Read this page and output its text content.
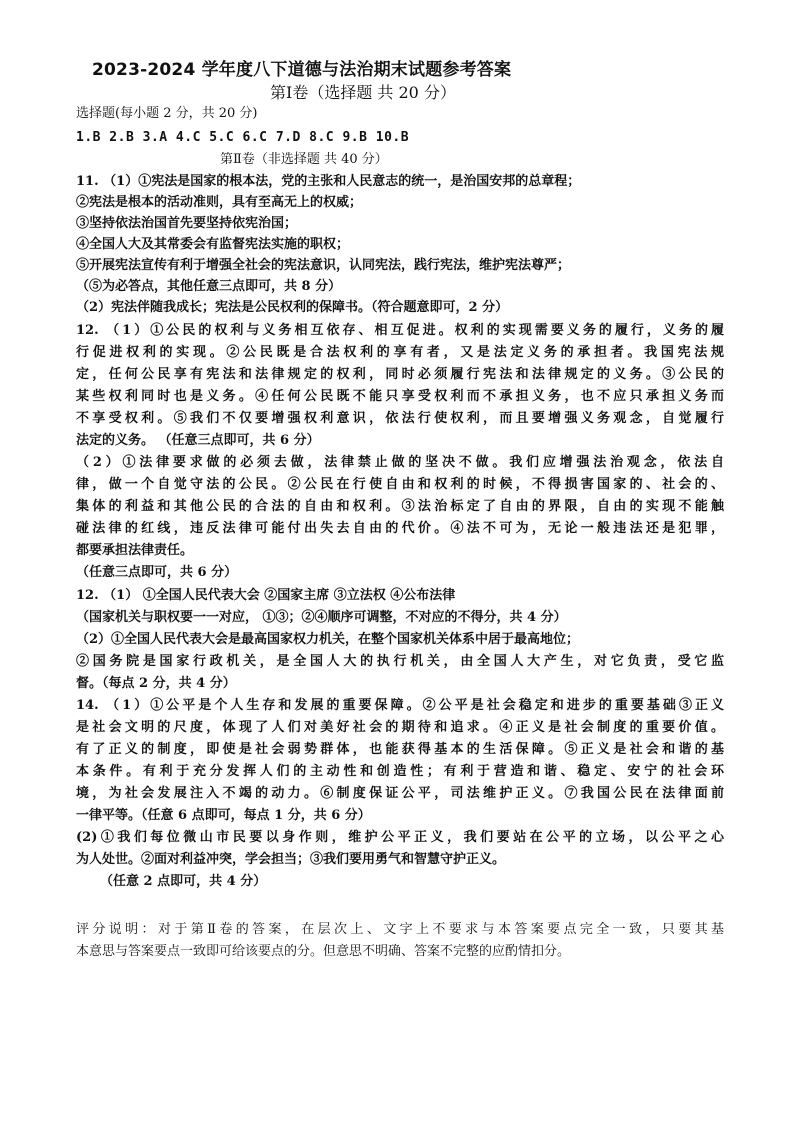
2023-2024 学年度八下道德与法治期末试题参考答案
第Ⅰ卷（选择题 共 20 分）
选择题(每小题 2 分，共 20 分)
1.B 2.B 3.A 4.C 5.C 6.C 7.D 8.C 9.B 10.B
第Ⅱ卷（非选择题 共 40 分）
11. （1）①宪法是国家的根本法，党的主张和人民意志的统一，是治国安邦的总章程；
②宪法是根本的活动准则，具有至高无上的权威；
③坚持依法治国首先要坚持依宪治国；
④全国人大及其常委会有监督宪法实施的职权；
⑤开展宪法宣传有利于增强全社会的宪法意识，认同宪法，践行宪法，维护宪法尊严；
（⑤为必答点，其他任意三点即可，共 8 分）
（2）宪法伴随我成长；宪法是公民权利的保障书。（符合题意即可，2 分）
12. （1）①公民的权利与义务相互依存、相互促进。权利的实现需要义务的履行，义务的履
行促进权利的实现。②公民既是合法权利的享有者，又是法定义务的承担者。我国宪法规
定，任何公民享有宪法和法律规定的权利，同时必须履行宪法和法律规定的义务。③公民的
某些权利同时也是义务。④任何公民既不能只享受权利而不承担义务，也不应只承担义务而
不享受权利。⑤我们不仅要增强权利意识，依法行使权利，而且要增强义务观念，自觉履行
法定的义务。 （任意三点即可，共 6 分）
（2）①法律要求做的必须去做，法律禁止做的坚决不做。我们应增强法治观念，依法自
律，做一个自觉守法的公民。②公民在行使自由和权利的时候，不得损害国家的、社会的、
集体的利益和其他公民的合法的自由和权利。③法治标定了自由的界限，自由的实现不能触
碰法律的红线，违反法律可能付出失去自由的代价。④法不可为，无论一般违法还是犯罪，
都要承担法律责任。
（任意三点即可，共 6 分）
12. （1） ①全国人民代表大会 ②国家主席 ③立法权 ④公布法律
（国家机关与职权要一一对应， ①③；②④顺序可调整，不对应的不得分，共 4 分）
（2）①全国人民代表大会是最高国家权力机关，在整个国家机关体系中居于最高地位；
②国务院是国家行政机关，是全国人大的执行机关，由全国人大产生，对它负责，受它监
督。（每点 2 分，共 4 分）
14. （1）①公平是个人生存和发展的重要保障。②公平是社会稳定和进步的重要基础③正义
是社会文明的尺度，体现了人们对美好社会的期待和追求。④正义是社会制度的重要价值。
有了正义的制度，即使是社会弱势群体，也能获得基本的生活保障。⑤正义是社会和谐的基
本条件。有利于充分发挥人们的主动性和创造性；有利于营造和谐、稳定、安宁的社会环
境，为社会发展注入不竭的动力。⑥制度保证公平，司法维护正义。⑦我国公民在法律面前
一律平等。（任意 6 点即可，每点 1 分，共 6 分）
(2)①我们每位微山市民要以身作则，维护公平正义，我们要站在公平的立场，以公平之心
为人处世。②面对利益冲突，学会担当；③我们要用勇气和智慧守护正义。
（任意 2 点即可，共 4 分）
评分说明：对于第Ⅱ卷的答案，在层次上、文字上不要求与本答案要点完全一致，只要其基
本意思与答案要点一致即可给该要点的分。但意思不明确、答案不完整的应酌情扣分。
